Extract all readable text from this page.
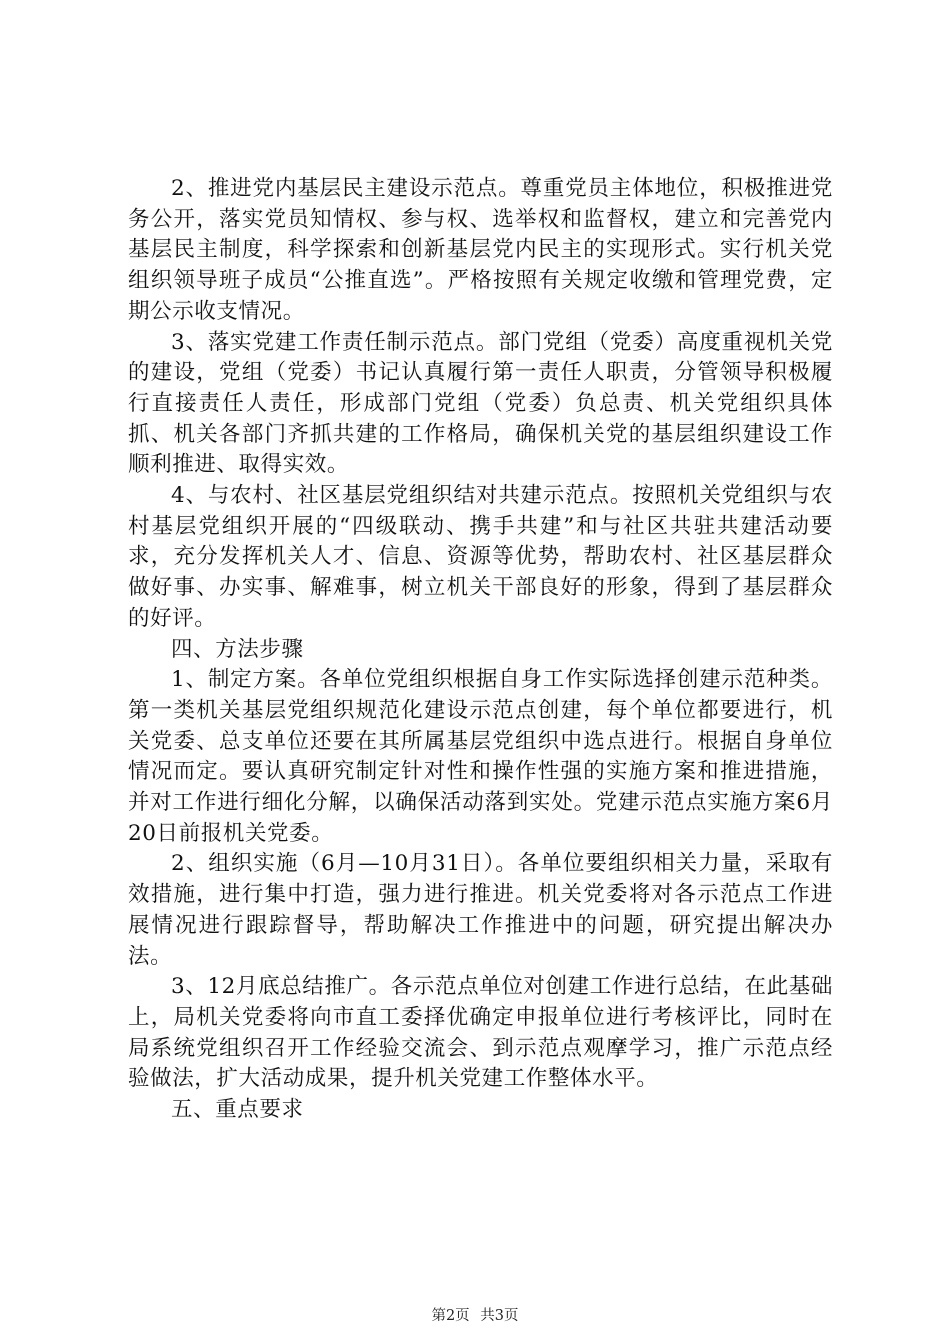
2、推进党内基层民主建设示范点。尊重党员主体地位，积极推进党务公开，落实党员知情权、参与权、选举权和监督权，建立和完善党内基层民主制度，科学探索和创新基层党内民主的实现形式。实行机关党组织领导班子成员“公推直选”。严格按照有关规定收缴和管理党费，定期公示收支情况。

3、落实党建工作责任制示范点。部门党组（党委）高度重视机关党的建设，党组（党委）书记认真履行第一责任人职责，分管领导积极履行直接责任人责任，形成部门党组（党委）负总责、机关党组织具体抓、机关各部门齐抓共建的工作格局，确保机关党的基层组织建设工作顺利推进、取得实效。

4、与农村、社区基层党组织结对共建示范点。按照机关党组织与农村基层党组织开展的“四级联动、携手共建”和与社区共驻共建活动要求，充分发挥机关人才、信息、资源等优势，帮助农村、社区基层群众做好事、办实事、解难事，树立机关干部良好的形象，得到了基层群众的好评。

四、方法步骤

1、制定方案。各单位党组织根据自身工作实际选择创建示范种类。第一类机关基层党组织规范化建设示范点创建，每个单位都要进行，机关党委、总支单位还要在其所属基层党组织中选点进行。根据自身单位情况而定。要认真研究制定针对性和操作性强的实施方案和推进措施，并对工作进行细化分解，以确保活动落到实处。党建示范点实施方案6月20日前报机关党委。

2、组织实施（6月—10月31日）。各单位要组织相关力量，采取有效措施，进行集中打造，强力进行推进。机关党委将对各示范点工作进展情况进行跟踪督导，帮助解决工作推进中的问题，研究提出解决办法。

3、12月底总结推广。各示范点单位对创建工作进行总结，在此基础上，局机关党委将向市直工委择优确定申报单位进行考核评比，同时在局系统党组织召开工作经验交流会、到示范点观摩学习，推广示范点经验做法，扩大活动成果，提升机关党建工作整体水平。

五、重点要求

第2页 共3页
